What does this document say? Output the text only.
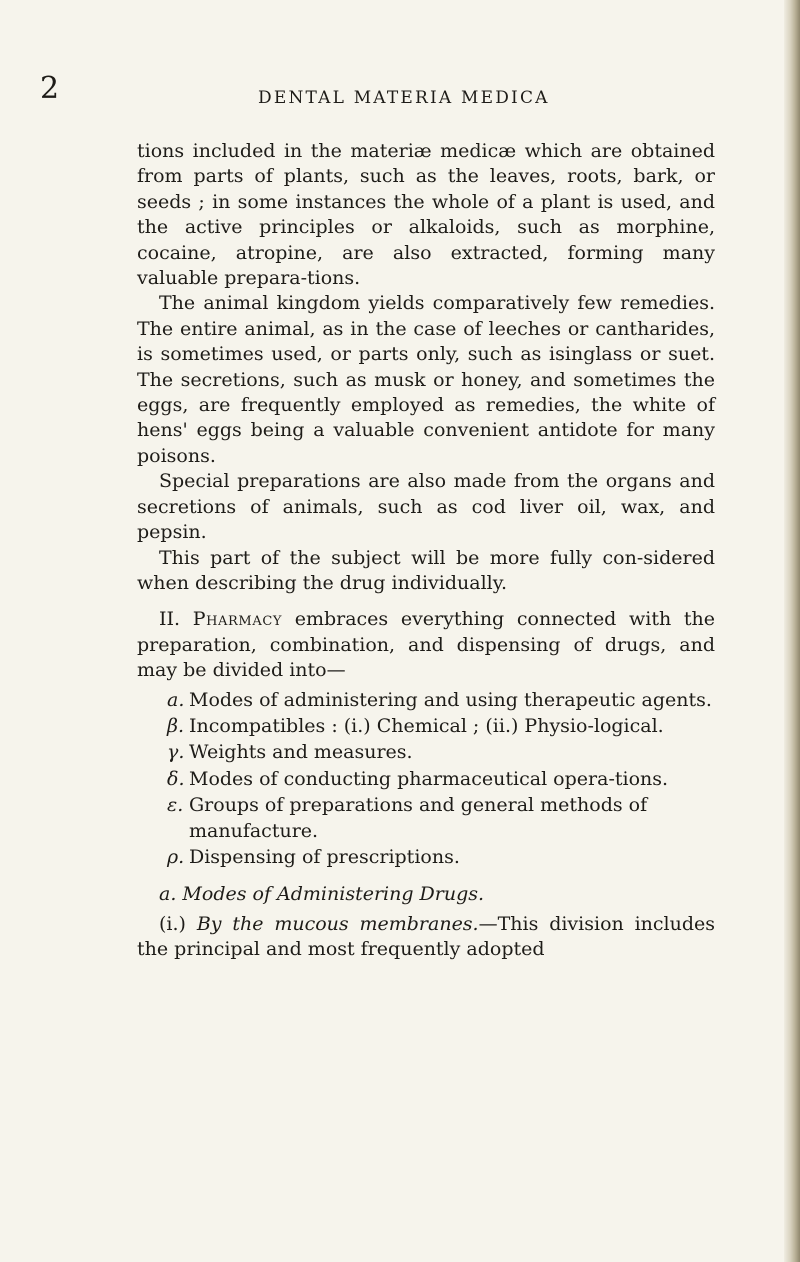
2	DENTAL MATERIA MEDICA

tions included in the materiæ medicæ which are obtained from parts of plants, such as the leaves, roots, bark, or seeds ; in some instances the whole of a plant is used, and the active principles or alkaloids, such as morphine, cocaine, atropine, are also extracted, forming many valuable prepara-tions.

The animal kingdom yields comparatively few remedies. The entire animal, as in the case of leeches or cantharides, is sometimes used, or parts only, such as isinglass or suet. The secretions, such as musk or honey, and sometimes the eggs, are frequently employed as remedies, the white of hens' eggs being a valuable convenient antidote for many poisons.

Special preparations are also made from the organs and secretions of animals, such as cod liver oil, wax, and pepsin.

This part of the subject will be more fully con-sidered when describing the drug individually.

II. Pharmacy embraces everything connected with the preparation, combination, and dispensing of drugs, and may be divided into—

a. Modes of administering and using therapeutic agents.
β. Incompatibles : (i.) Chemical ; (ii.) Physio-logical.
γ. Weights and measures.
δ. Modes of conducting pharmaceutical opera-tions.
ε. Groups of preparations and general methods of manufacture.
ρ. Dispensing of prescriptions.

a. Modes of Administering Drugs.

(i.) By the mucous membranes.—This division includes the principal and most frequently adopted
